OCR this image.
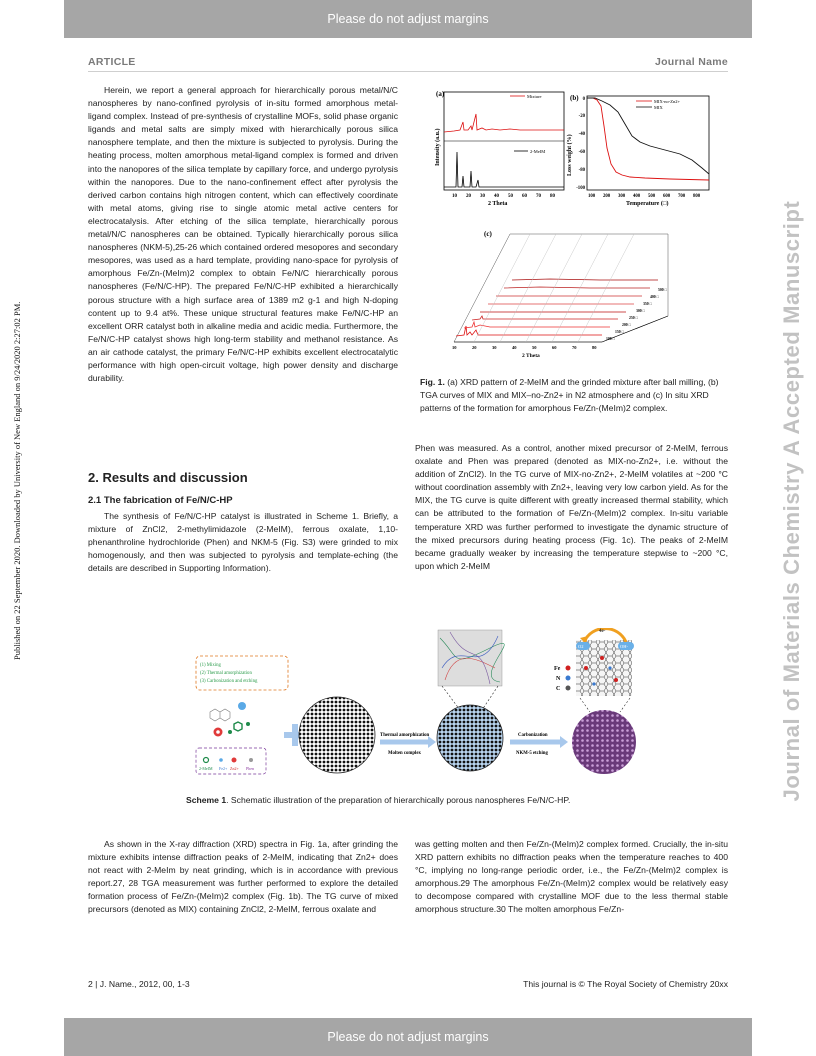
Please do not adjust margins
ARTICLE	Journal Name
Published on 22 September 2020. Downloaded by University of New England on 9/24/2020 2:27:02 PM.	Journal of Materials Chemistry A Accepted Manuscript

Herein, we report a general approach for hierarchically porous metal/N/C nanospheres by nano-confined pyrolysis of in-situ formed amorphous metal-ligand complex. Instead of pre-synthesis of crystalline MOFs, solid phase organic ligands and metal salts are simply mixed with hierarchically porous silica nanosphere template, and then the mixture is subjected to pyrolysis. During the heating process, molten amorphous metal-ligand complex is formed and driven into the nanopores of the silica template by capillary force, and undergo pyrolysis within the nanopores. Due to the nano-confinement effect after pyrolysis the derived carbon contains high nitrogen content, which can effectively coordinate with metal atoms, giving rise to single atomic metal active centers for electrocatalysis. After etching of the silica template, hierarchically porous metal/N/C nanospheres can be obtained. Typically hierarchically porous silica nanospheres (NKM-5),25-26 which contained ordered mesopores and secondary mesopores, was used as a hard template, providing nano-space for pyrolysis of amorphous Fe/Zn-(MeIm)2 complex to obtain Fe/N/C hierarchically porous nanospheres (Fe/N/C-HP). The prepared Fe/N/C-HP exhibited a hierarchically porous structure with a high surface area of 1389 m2 g-1 and high N-doping content up to 9.4 at%. These unique structural features make Fe/N/C-HP an excellent ORR catalyst both in alkaline media and acidic media. Furthermore, the Fe/N/C-HP catalyst shows high long-term stability and methanol resistance. As an air cathode catalyst, the primary Fe/N/C-HP exhibits excellent electrocatalytic performance with high open-circuit voltage, high power density and discharge durability.

2. Results and discussion
2.1 The fabrication of Fe/N/C-HP

The synthesis of Fe/N/C-HP catalyst is illustrated in Scheme 1. Briefly, a mixture of ZnCl2, 2-methylimidazole (2-MeIM), ferrous oxalate, 1,10-phenanthroline hydrochloride (Phen) and NKM-5 (Fig. S3) were grinded to mix homogenously, and then was subjected to pyrolysis and template-eching (the details are described in Supporting Information).

(a)	Mixture
2-MeIM
Intensity (a.u.)
10 20 30 40 50 60 70 80
2 Theta
(b)	MIX-no-Zn2+
MIX
0
-20
-40
-60
-80
-100
Loss weight (%)
100 200 300 400 500 600 700 800
Temperature (□)
(c)
100 □
150 □
200 □
250 □
300 □
350 □
400 □
500 □
10	20	30	40	50	60	70	80
2 Theta
Fig. 1. (a) XRD pattern of 2-MeIM and the grinded mixture after ball milling, (b) TGA curves of MIX and MIX–no-Zn2+ in N2 atmosphere and (c) In situ XRD patterns of the formation for amorphous Fe/Zn-(MeIm)2 complex.

Phen was measured. As a control, another mixed precursor of 2-MeIM, ferrous oxalate and Phen was prepared (denoted as MIX-no-Zn2+, i.e. without the addition of ZnCl2). In the TG curve of MIX-no-Zn2+, 2-MeIM volatiles at ~200 °C without coordination assembly with Zn2+, leaving very low carbon yield. As for the MIX, the TG curve is quite different with greatly increased thermal stability, which can be attributed to the formation of Fe/Zn-(MeIm)2 complex. In-situ variable temperature XRD was further performed to investigate the dynamic structure of the mixed precursors during heating process (Fig. 1c). The peaks of 2-MeIM became gradually weaker by increasing the temperature stepwise to ~200 °C, upon which 2-MeIM

(1) Mixing
(2) Thermal amorphization
(3) Carbonization and etching
2-MeIM Fe2+ Zn2+ Phen
Thermal amorphization
Molten complex
Carbonization
NKM-5 etching
4e-
O2	OH-
Fe
N
C
Scheme 1. Schematic illustration of the preparation of hierarchically porous nanospheres Fe/N/C-HP.

As shown in the X-ray diffraction (XRD) spectra in Fig. 1a, after grinding the mixture exhibits intense diffraction peaks of 2-MeIM, indicating that Zn2+ does not react with 2-MeIm by neat grinding, which is in accordance with previous report.27, 28 TGA measurement was further performed to explore the detailed formation process of Fe/Zn-(MeIm)2 complex (Fig. 1b). The TG curve of mixed precursors (denoted as MIX) containing ZnCl2, 2-MeIM, ferrous oxalate and

was getting molten and then Fe/Zn-(MeIm)2 complex formed. Crucially, the in-situ XRD pattern exhibits no diffraction peaks when the temperature reaches to 400 °C, implying no long-range periodic order, i.e., the Fe/Zn-(MeIm)2 complex is amorphous.29 The amorphous Fe/Zn-(MeIm)2 complex would be relatively easy to decompose compared with crystalline MOF due to the less thermal stable amorphous structure.30 The molten amorphous Fe/Zn-

2 | J. Name., 2012, 00, 1-3	This journal is © The Royal Society of Chemistry 20xx
Please do not adjust margins
